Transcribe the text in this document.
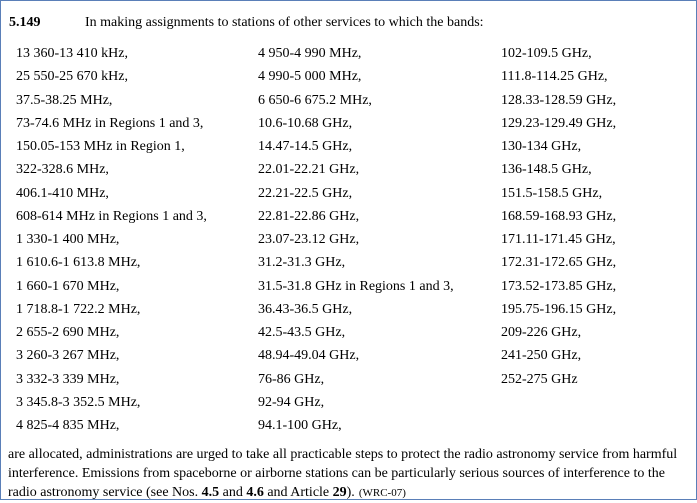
5.149	In making assignments to stations of other services to which the bands:
13 360-13 410 kHz,
25 550-25 670 kHz,
37.5-38.25 MHz,
73-74.6 MHz in Regions 1 and 3,
150.05-153 MHz in Region 1,
322-328.6 MHz,
406.1-410 MHz,
608-614 MHz in Regions 1 and 3,
1 330-1 400 MHz,
1 610.6-1 613.8 MHz,
1 660-1 670 MHz,
1 718.8-1 722.2 MHz,
2 655-2 690 MHz,
3 260-3 267 MHz,
3 332-3 339 MHz,
3 345.8-3 352.5 MHz,
4 825-4 835 MHz,
4 950-4 990 MHz,
4 990-5 000 MHz,
6 650-6 675.2 MHz,
10.6-10.68 GHz,
14.47-14.5 GHz,
22.01-22.21 GHz,
22.21-22.5 GHz,
22.81-22.86 GHz,
23.07-23.12 GHz,
31.2-31.3 GHz,
31.5-31.8 GHz in Regions 1 and 3,
36.43-36.5 GHz,
42.5-43.5 GHz,
48.94-49.04 GHz,
76-86 GHz,
92-94 GHz,
94.1-100 GHz,
102-109.5 GHz,
111.8-114.25 GHz,
128.33-128.59 GHz,
129.23-129.49 GHz,
130-134 GHz,
136-148.5 GHz,
151.5-158.5 GHz,
168.59-168.93 GHz,
171.11-171.45 GHz,
172.31-172.65 GHz,
173.52-173.85 GHz,
195.75-196.15 GHz,
209-226 GHz,
241-250 GHz,
252-275 GHz
are allocated, administrations are urged to take all practicable steps to protect the radio astronomy service from harmful interference. Emissions from spaceborne or airborne stations can be particularly serious sources of interference to the radio astronomy service (see Nos. 4.5 and 4.6 and Article 29). (WRC-07)
